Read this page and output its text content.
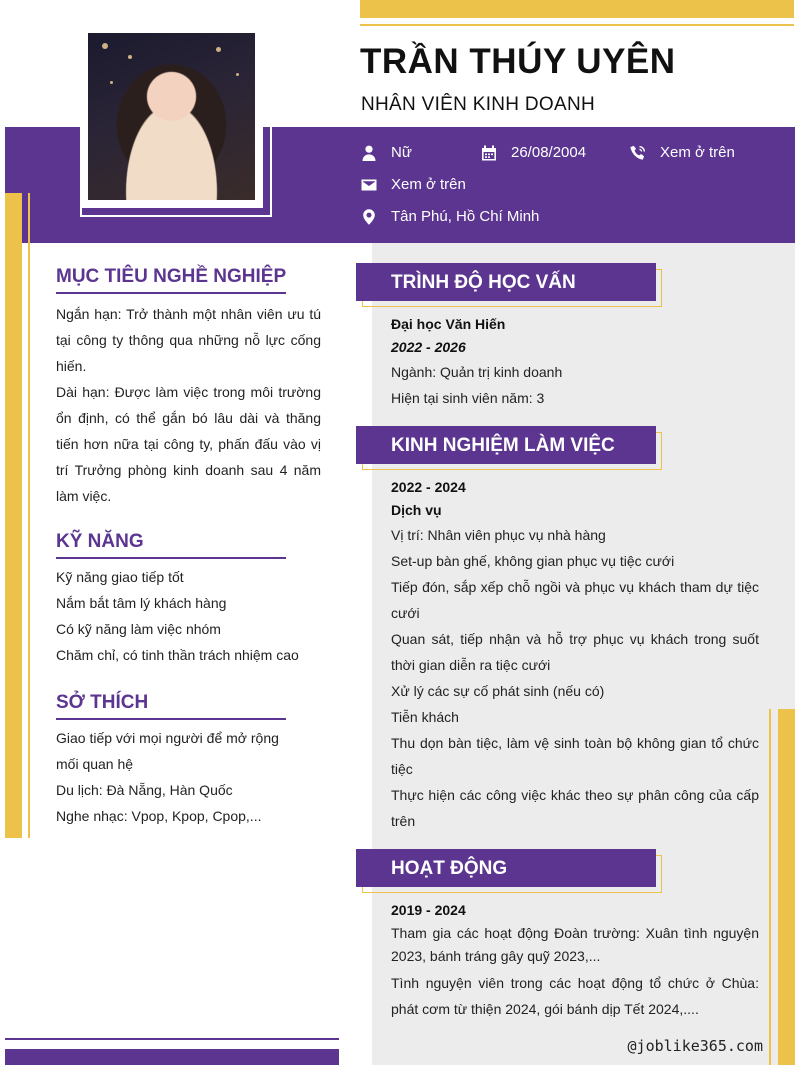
TRẦN THÚY UYÊN
NHÂN VIÊN KINH DOANH
Nữ	26/08/2004	Xem ở trên
Xem ở trên
Tân Phú, Hồ Chí Minh
MỤC TIÊU NGHỀ NGHIỆP
Ngắn hạn: Trở thành một nhân viên ưu tú tại công ty thông qua những nỗ lực cống hiến.
Dài hạn: Được làm việc trong môi trường ổn định, có thể gắn bó lâu dài và thăng tiến hơn nữa tại công ty, phấn đấu vào vị trí Trưởng phòng kinh doanh sau 4 năm làm việc.
KỸ NĂNG
Kỹ năng giao tiếp tốt
Nắm bắt tâm lý khách hàng
Có kỹ năng làm việc nhóm
Chăm chỉ, có tinh thần trách nhiệm cao
SỞ THÍCH
Giao tiếp với mọi người để mở rộng mối quan hệ
Du lịch: Đà Nẵng, Hàn Quốc
Nghe nhạc: Vpop, Kpop, Cpop,...
TRÌNH ĐỘ HỌC VẤN
Đại học Văn Hiến
2022 - 2026
Ngành: Quản trị kinh doanh
Hiện tại sinh viên năm: 3
KINH NGHIỆM LÀM VIỆC
2022 - 2024
Dịch vụ
Vị trí: Nhân viên phục vụ nhà hàng
Set-up bàn ghế, không gian phục vụ tiệc cưới
Tiếp đón, sắp xếp chỗ ngồi và phục vụ khách tham dự tiệc cưới
Quan sát, tiếp nhận và hỗ trợ phục vụ khách trong suốt thời gian diễn ra tiệc cưới
Xử lý các sự cố phát sinh (nếu có)
Tiễn khách
Thu dọn bàn tiệc, làm vệ sinh toàn bộ không gian tổ chức tiệc
Thực hiện các công việc khác theo sự phân công của cấp trên
HOẠT ĐỘNG
2019 - 2024
Tham gia các hoạt động Đoàn trường: Xuân tình nguyện 2023, bánh tráng gây quỹ 2023,...
Tình nguyện viên trong các hoạt động tổ chức ở Chùa: phát cơm từ thiện 2024, gói bánh dịp Tết 2024,....
@joblike365.com
